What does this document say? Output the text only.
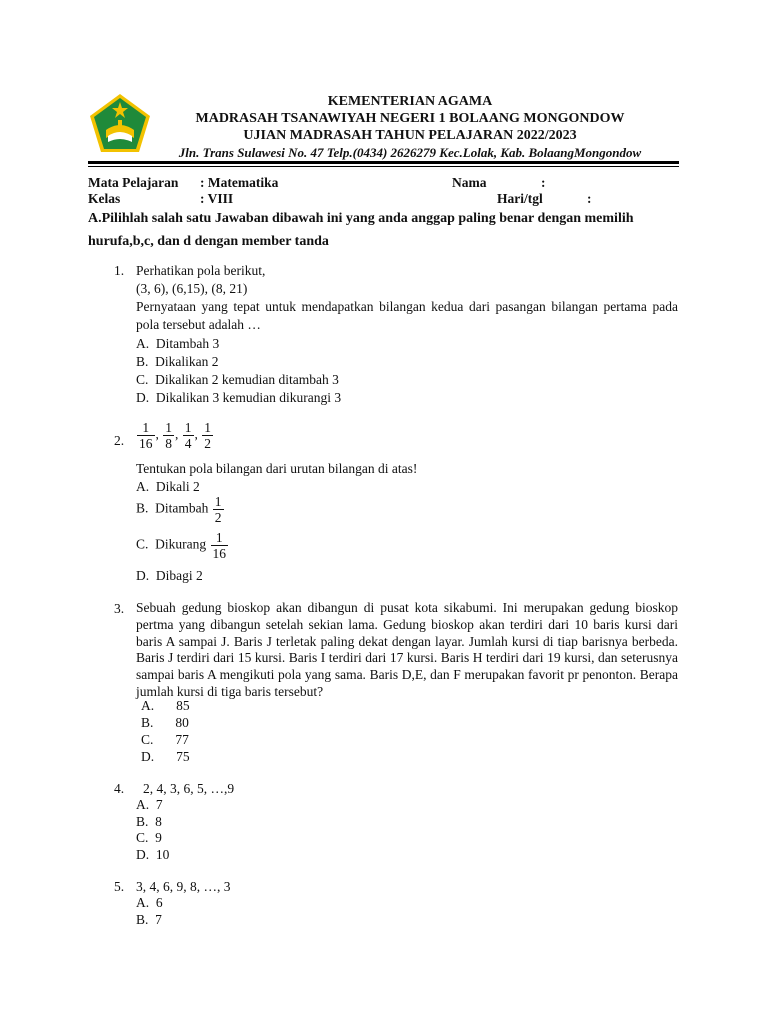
KEMENTERIAN AGAMA
MADRASAH TSANAWIYAH NEGERI 1 BOLAANG MONGONDOW
UJIAN MADRASAH TAHUN PELAJARAN 2022/2023
Jln. Trans Sulawesi No. 47 Telp.(0434) 2626279 Kec.Lolak, Kab. BolaangMongondow
Mata Pelajaran : Matematika	Nama	:
Kelas	: VIII	Hari/tgl	:
A.Pilihlah salah satu Jawaban dibawah ini yang anda anggap paling benar dengan memilih hurufa,b,c, dan d dengan member tanda
1. Perhatikan pola berikut,
(3, 6), (6,15), (8, 21)
Pernyataan yang tepat untuk mendapatkan bilangan kedua dari pasangan bilangan pertama pada pola tersebut adalah …
A. Ditambah 3
B. Dikalikan 2
C. Dikalikan 2 kemudian ditambah 3
D. Dikalikan 3 kemudian dikurangi 3
2. $\frac{1}{16}$ , $\frac{1}{8}$ , $\frac{1}{4}$ , $\frac{1}{2}$
Tentukan pola bilangan dari urutan bilangan di atas!
A. Dikali 2
B. Ditambah $\frac{1}{2}$
C. Dikurang $\frac{1}{16}$
D. Dibagi 2
3. Sebuah gedung bioskop akan dibangun di pusat kota sikabumi. Ini merupakan gedung bioskop pertma yang dibangun setelah sekian lama. Gedung bioskop akan terdiri dari 10 baris kursi dari baris A sampai J. Baris J terletak paling dekat dengan layar. Jumlah kursi di tiap barisnya berbeda. Baris J terdiri dari 15 kursi. Baris I terdiri dari 17 kursi. Baris H terdiri dari 19 kursi, dan seterusnya sampai baris A mengikuti pola yang sama. Baris D,E, dan F merupakan favorit pr penonton. Berapa jumlah kursi di tiga baris tersebut?
A. 85
B. 80
C. 77
D. 75
4. 2, 4, 3, 6, 5, …,9
A. 7
B. 8
C. 9
D. 10
5. 3, 4, 6, 9, 8, …, 3
A. 6
B. 7
